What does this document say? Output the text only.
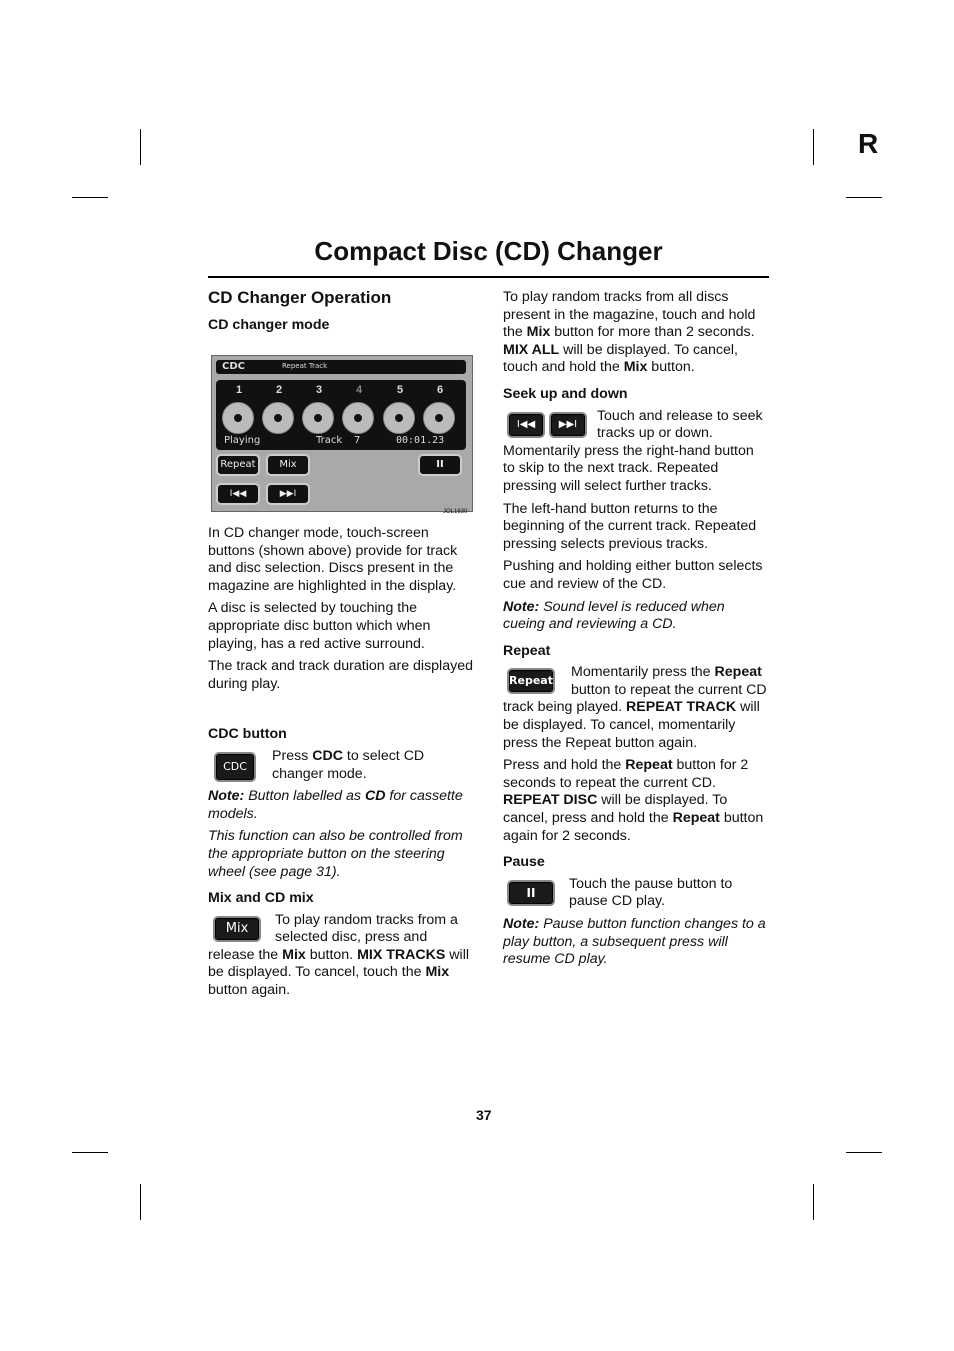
R
Compact Disc (CD) Changer
CD Changer Operation
CD changer mode
CDC	Repeat Track
1	2	3	4	5	6
Playing	Track 7	00:01.23
Repeat	Mix	II
I◀◀	▶▶I
JOL1630

In CD changer mode, touch-screen buttons (shown above) provide for track and disc selection. Discs present in the magazine are highlighted in the display.

A disc is selected by touching the appropriate disc button which when playing, has a red active surround.

The track and track duration are displayed during play.

CDC button
CDC

Press CDC to select CD changer mode.

Note: Button labelled as CD for cassette models.

This function can also be controlled from the appropriate button on the steering wheel (see page 31).

Mix and CD mix
Mix

To play random tracks from a selected disc, press and release the Mix button. MIX TRACKS will be displayed. To cancel, touch the Mix button again.

To play random tracks from all discs present in the magazine, touch and hold the Mix button for more than 2 seconds. MIX ALL will be displayed. To cancel, touch and hold the Mix button.

Seek up and down
I◀◀ ▶▶I

Touch and release to seek tracks up or down. Momentarily press the right-hand button to skip to the next track. Repeated pressing will select further tracks.

The left-hand button returns to the beginning of the current track. Repeated pressing selects previous tracks.

Pushing and holding either button selects cue and review of the CD.

Note: Sound level is reduced when cueing and reviewing a CD.

Repeat
Repeat

Momentarily press the Repeat button to repeat the current CD track being played. REPEAT TRACK will be displayed. To cancel, momentarily press the Repeat button again.

Press and hold the Repeat button for 2 seconds to repeat the current CD. REPEAT DISC will be displayed. To cancel, press and hold the Repeat button again for 2 seconds.

Pause
II

Touch the pause button to pause CD play.

Note: Pause button function changes to a play button, a subsequent press will resume CD play.

37
